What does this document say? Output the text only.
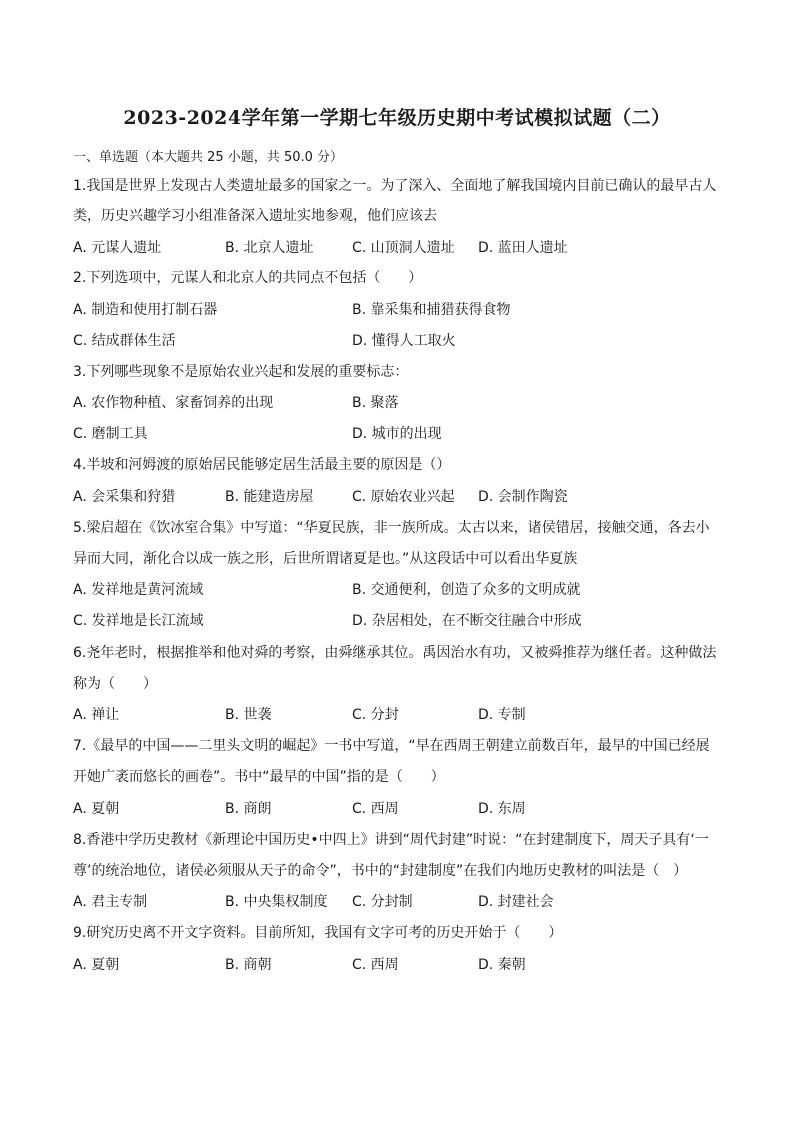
2023-2024学年第一学期七年级历史期中考试模拟试题（二）
一、单选题（本大题共 25 小题，共 50.0 分）
1.我国是世界上发现古人类遗址最多的国家之一。为了深入、全面地了解我国境内目前已确认的最早古人
类，历史兴趣学习小组准备深入遗址实地参观，他们应该去
A. 元谋人遗址	B. 北京人遗址	C. 山顶洞人遗址 D. 蓝田人遗址
2.下列选项中，元谋人和北京人的共同点不包括（　　）
A. 制造和使用打制石器	B. 靠采集和捕猎获得食物
C. 结成群体生活	D. 懂得人工取火
3.下列哪些现象不是原始农业兴起和发展的重要标志：
A. 农作物种植、家畜饲养的出现	B. 聚落
C. 磨制工具	D. 城市的出现
4.半坡和河姆渡的原始居民能够定居生活最主要的原因是（）
A. 会采集和狩猎	B. 能建造房屋	C. 原始农业兴起 D. 会制作陶瓷
5.梁启超在《饮冰室合集》中写道：“华夏民族，非一族所成。太古以来，诸侯错居，接触交通，各去小
异而大同，渐化合以成一族之形，后世所谓诸夏是也。”从这段话中可以看出华夏族
A. 发祥地是黄河流域	B. 交通便利，创造了众多的文明成就
C. 发祥地是长江流域	D. 杂居相处，在不断交往融合中形成
6.尧年老时，根据推举和他对舜的考察，由舜继承其位。禹因治水有功，又被舜推荐为继任者。这种做法
称为（　　）
A. 禅让	B. 世袭	C. 分封	D. 专制
7.《最早的中国——二里头文明的崛起》一书中写道，“早在西周王朝建立前数百年，最早的中国已经展
开她广袤而悠长的画卷”。书中“最早的中国”指的是（　　）
A. 夏朝	B. 商朗	C. 西周	D. 东周
8.香港中学历史教材《新理论中国历史•中四上》讲到“周代封建”时说：“在封建制度下，周天子具有‘一
尊’的统治地位，诸侯必须服从天子的命令”，书中的“封建制度”在我们内地历史教材的叫法是（　）
A. 君主专制	B. 中央集权制度 C. 分封制	D. 封建社会
9.研究历史离不开文字资料。目前所知，我国有文字可考的历史开始于（　　）
A. 夏朝	B. 商朝	C. 西周	D. 秦朝
